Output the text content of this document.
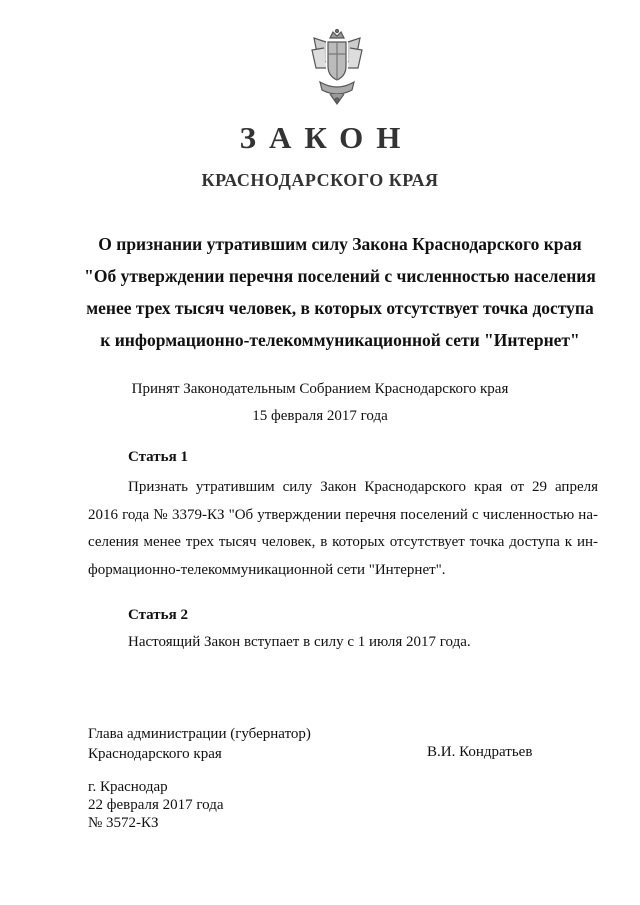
ЗАКОН
КРАСНОДАРСКОГО КРАЯ
О признании утратившим силу Закона Краснодарского края
"Об утверждении перечня поселений с численностью населения
менее трех тысяч человек, в которых отсутствует точка доступа
к информационно-телекоммуникационной сети "Интернет"
Принят Законодательным Собранием Краснодарского края
15 февраля 2017 года
Статья 1
Признать утратившим силу Закон Краснодарского края от 29 апреля
2016 года № 3379-КЗ "Об утверждении перечня поселений с численностью на-
селения менее трех тысяч человек, в которых отсутствует точка доступа к ин-
формационно-телекоммуникационной сети "Интернет".
Статья 2
Настоящий Закон вступает в силу с 1 июля 2017 года.
Глава администрации (губернатор)
Краснодарского края	В.И. Кондратьев
г. Краснодар
22 февраля 2017 года
№ 3572-КЗ
